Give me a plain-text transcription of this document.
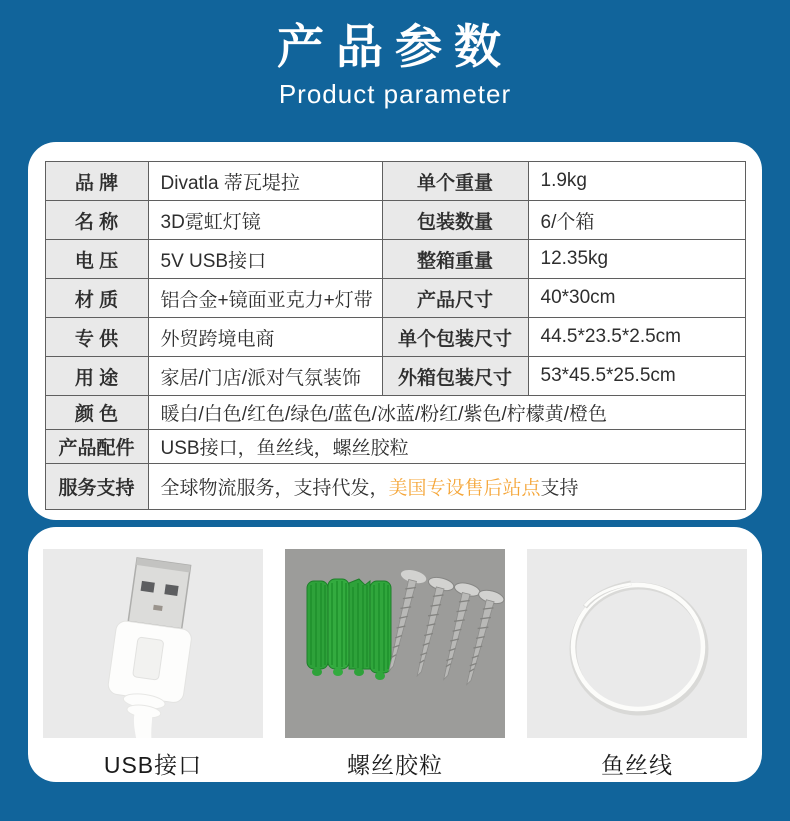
产品参数
Product parameter
品 牌	Divatla 蒂瓦堤拉	单个重量	1.9kg
名 称	3D霓虹灯镜	包装数量	6/个箱
电 压	5V USB接口	整箱重量	12.35kg
材 质	铝合金+镜面亚克力+灯带	产品尺寸	40*30cm
专 供	外贸跨境电商	单个包装尺寸	44.5*23.5*2.5cm
用 途	家居/门店/派对气氛装饰	外箱包装尺寸	53*45.5*25.5cm
颜 色	暖白/白色/红色/绿色/蓝色/冰蓝/粉红/紫色/柠檬黄/橙色		
产品配件	USB接口，鱼丝线，螺丝胶粒		
服务支持	全球物流服务，支持代发，美国专设售后站点支持		
USB接口	螺丝胶粒	鱼丝线
